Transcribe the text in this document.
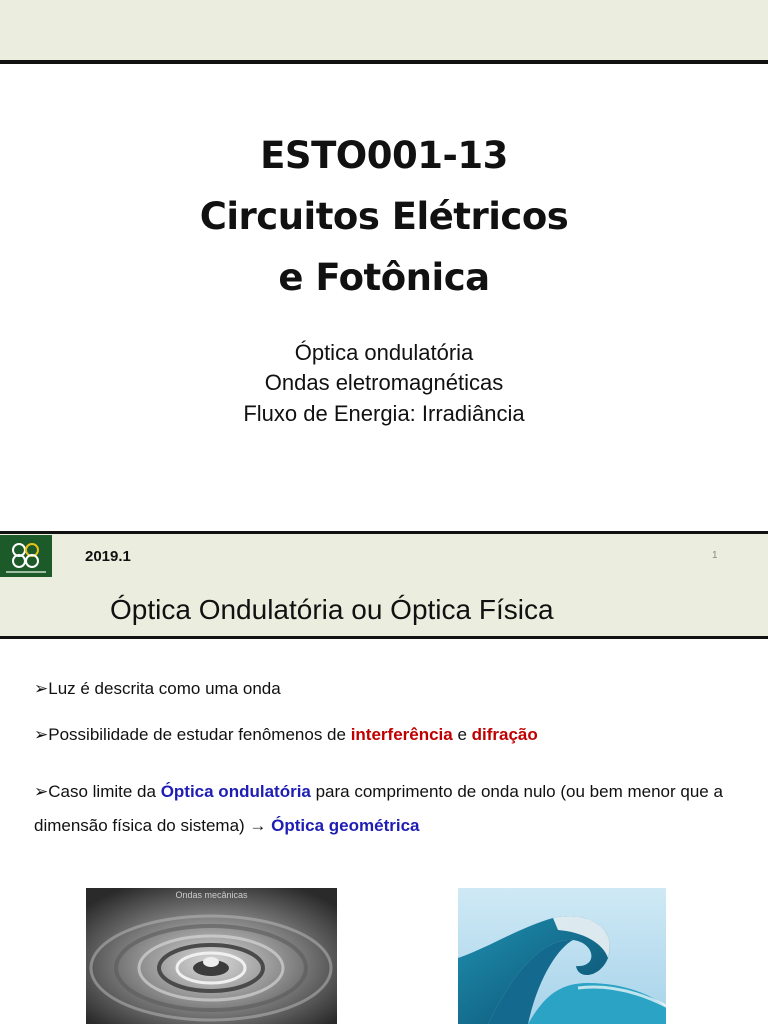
ESTO001-13
Circuitos Elétricos
e Fotônica
Óptica ondulatória
Ondas eletromagnéticas
Fluxo de Energia: Irradiância
2019.1	1
Óptica Ondulatória ou Óptica Física
➢Luz é descrita como uma onda
➢Possibilidade de estudar fenômenos de interferência e difração
➢Caso limite da Óptica ondulatória para comprimento de onda nulo (ou bem menor que a dimensão física do sistema) → Óptica geométrica
Ondas mecânicas
